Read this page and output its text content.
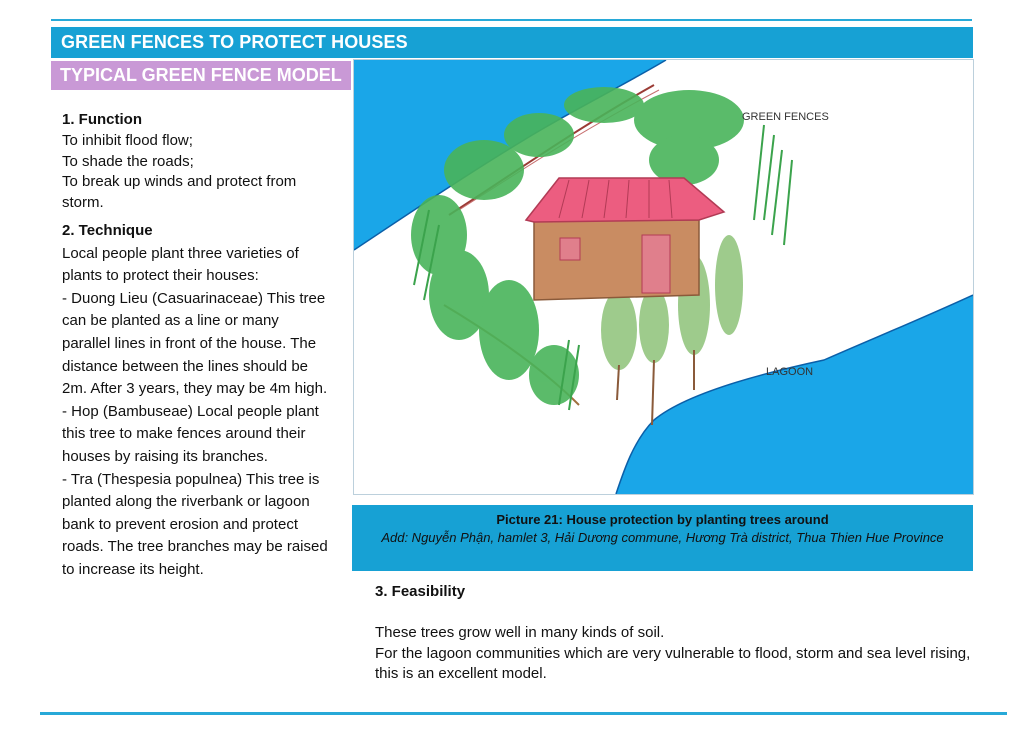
GREEN FENCES TO PROTECT HOUSES
TYPICAL GREEN FENCE MODEL
1. Function
To inhibit flood flow;
To shade the roads;
To break up winds and protect from storm.
2. Technique
Local people plant three varieties of plants to protect their houses:
- Duong Lieu (Casuarinaceae) This tree can be planted as a line or many parallel lines in front of the house. The distance between the lines should be 2m. After 3 years, they may be 4m high.
- Hop (Bambuseae) Local people plant this tree to make fences around their houses by raising its branches.
- Tra (Thespesia populnea) This tree is planted along the riverbank or lagoon bank to prevent erosion and protect roads. The tree branches may be raised to increase its height.
GREEN FENCES
LAGOON
Picture 21: House protection by planting trees around
Add: Nguyễn Phận, hamlet 3, Hải Dương commune, Hương Trà district, Thua Thien Hue Province
3. Feasibility
These trees grow well in many kinds of soil.
For the lagoon communities which are very vulnerable to flood, storm and sea level rising, this is an excellent model.
